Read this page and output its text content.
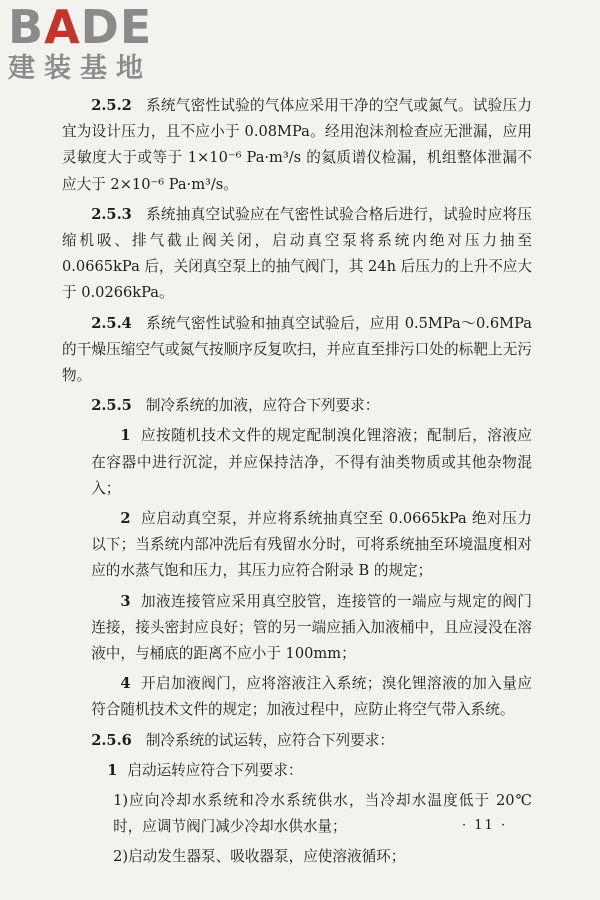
BADE
建装基地

2.5.2 系统气密性试验的气体应采用干净的空气或氮气。试验压力宜为设计压力，且不应小于 0.08MPa。经用泡沫剂检查应无泄漏，应用灵敏度大于或等于 1×10⁻⁶ Pa·m³/s 的氦质谱仪检漏，机组整体泄漏不应大于 2×10⁻⁶ Pa·m³/s。

2.5.3 系统抽真空试验应在气密性试验合格后进行，试验时应将压缩机吸、排气截止阀关闭，启动真空泵将系统内绝对压力抽至 0.0665kPa 后，关闭真空泵上的抽气阀门，其 24h 后压力的上升不应大于 0.0266kPa。

2.5.4 系统气密性试验和抽真空试验后，应用 0.5MPa～0.6MPa 的干燥压缩空气或氮气按顺序反复吹扫，并应直至排污口处的标靶上无污物。

2.5.5 制冷系统的加液，应符合下列要求：

1 应按随机技术文件的规定配制溴化锂溶液；配制后，溶液应在容器中进行沉淀，并应保持洁净，不得有油类物质或其他杂物混入；

2 应启动真空泵，并应将系统抽真空至 0.0665kPa 绝对压力以下；当系统内部冲洗后有残留水分时，可将系统抽至环境温度相对应的水蒸气饱和压力，其压力应符合附录 B 的规定；

3 加液连接管应采用真空胶管，连接管的一端应与规定的阀门连接，接头密封应良好；管的另一端应插入加液桶中，且应浸没在溶液中，与桶底的距离不应小于 100mm；

4 开启加液阀门，应将溶液注入系统；溴化锂溶液的加入量应符合随机技术文件的规定；加液过程中，应防止将空气带入系统。

2.5.6 制冷系统的试运转，应符合下列要求：

1 启动运转应符合下列要求：

1)应向冷却水系统和冷水系统供水，当冷却水温度低于 20℃ 时，应调节阀门减少冷却水供水量；

2)启动发生器泵、吸收器泵，应使溶液循环；

· 11 ·
